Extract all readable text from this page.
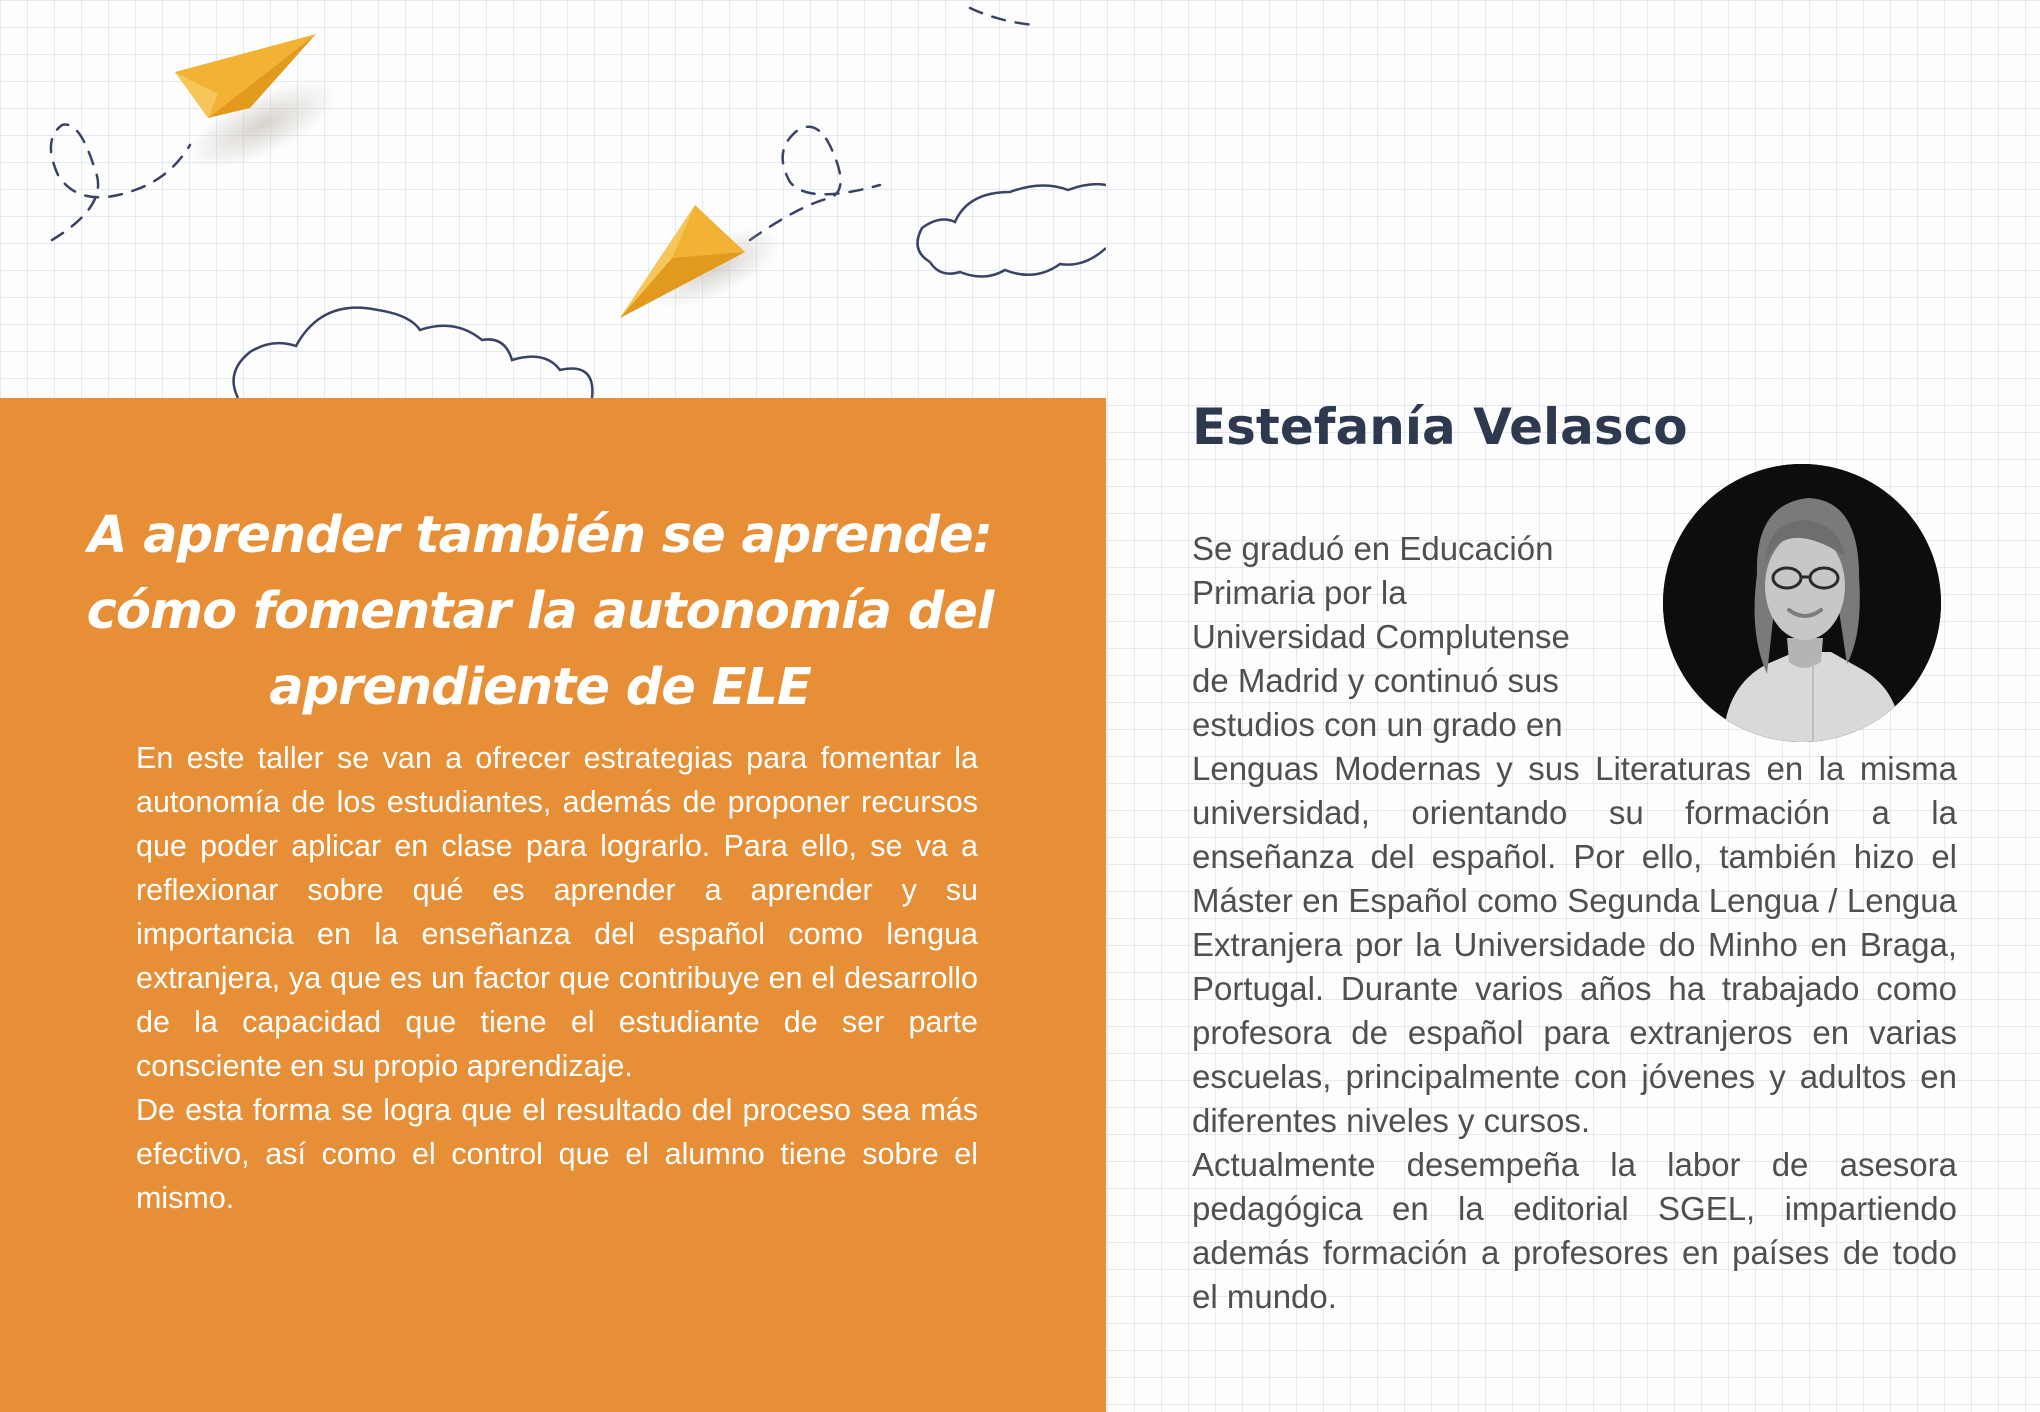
A aprender también se aprende:
cómo fomentar la autonomía del
aprendiente de ELE

En este taller se van a ofrecer estrategias para fomentar la autonomía de los estudiantes, además de proponer recursos que poder aplicar en clase para lograrlo. Para ello, se va a reflexionar sobre qué es aprender a aprender y su importancia en la enseñanza del español como lengua extranjera, ya que es un factor que contribuye en el desarrollo de la capacidad que tiene el estudiante de ser parte consciente en su propio aprendizaje.

De esta forma se logra que el resultado del proceso sea más efectivo, así como el control que el alumno tiene sobre el mismo.

Estefanía Velasco
Se graduó en Educación
Primaria por la
Universidad Complutense
de Madrid y continuó sus
estudios con un grado en

Lenguas Modernas y sus Literaturas en la misma universidad, orientando su formación a la enseñanza del español. Por ello, también hizo el Máster en Español como Segunda Lengua / Lengua Extranjera por la Universidade do Minho en Braga, Portugal. Durante varios años ha trabajado como profesora de español para extranjeros en varias escuelas, principalmente con jóvenes y adultos en diferentes niveles y cursos.

Actualmente desempeña la labor de asesora pedagógica en la editorial SGEL, impartiendo además formación a profesores en países de todo el mundo.
